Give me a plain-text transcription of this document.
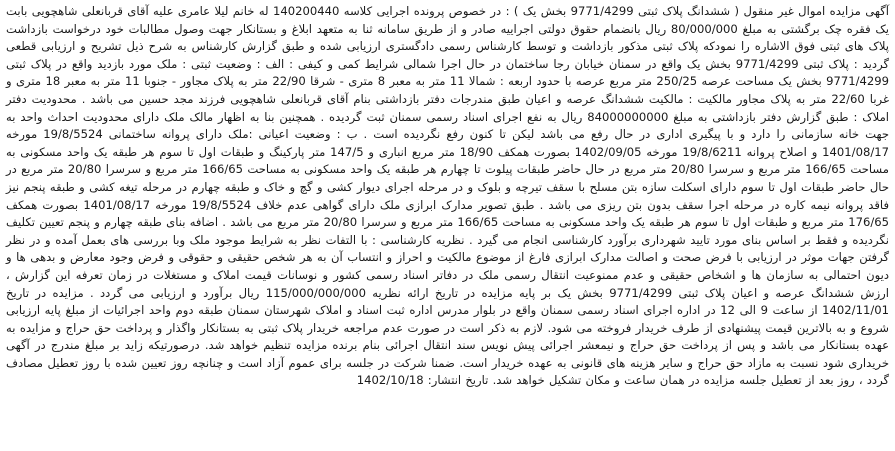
آگهی مزایده اموال غیر منقول ( ششدانگ پلاک ثبتی 9771/4299 بخش یک ) : در خصوص پرونده اجرایی کلاسه 140200440 له خانم لیلا عامری علیه آقای قربانعلی شاهچویی بابت یک فقره چک برگشتی به مبلغ 80/000/000 ریال بانضمام حقوق دولتی اجراییه صادر و از طریق سامانه ثنا به متعهد ابلاغ و بستانکار جهت وصول مطالبات خود درخواست بازداشت پلاک های ثبتی فوق الاشاره را نمودکه پلاک ثبتی مذکور بازداشت و توسط کارشناس رسمی دادگستری ارزیابی شده و طبق گزارش کارشناس به شرح ذیل تشریح و ارزیابی قطعی گردید : پلاک ثبتی 9771/4299 بخش یک واقع در سمنان خیابان رجا ساختمان در حال اجرا شمالی شرایط کمی و کیفی : الف : وضعیت ثبتی : ملک مورد بازدید واقع در پلاک ثبتی 9771/4299 بخش یک مساحت عرصه 250/25 متر مربع عرصه با حدود اربعه : شمالا 11 متر به معبر 8 متری - شرقا 22/90 متر به پلاک مجاور - جنوبا 11 متر به معبر 18 متری و غربا 22/60 متر به پلاک مجاور مالکیت : مالکیت ششدانگ عرصه و اعیان طبق مندرجات دفتر بازداشتی بنام آقای قربانعلی شاهچویی فرزند مجد حسین می باشد . محدودیت دفتر املاک : طبق گزارش دفتر بازداشتی به مبلغ 84000000000 ریال به نفع اجرای اسناد رسمی سمنان ثبت گردیده . همچنین بنا به اظهار مالک ملک دارای محدودیت احداث واحد به جهت خانه سازمانی را دارد و با پیگیری اداری در حال رفع می باشد لیکن تا کنون رفع نگردیده است . ب : وضعیت اعیانی :ملک دارای پروانه ساختمانی 19/8/5524 مورخه 1401/08/17 و اصلاح پروانه 19/8/6211 مورخه 1402/09/05 بصورت همکف 18/90 متر مربع انباری و 147/5 متر پارکینگ و طبقات اول تا سوم هر طبقه یک واحد مسکونی به مساحت 166/65 متر مربع و سرسرا 20/80 متر مربع در حال حاضر طبقات پیلوت تا چهارم هر طبقه یک واحد مسکونی به مساحت 166/65 متر مربع و سرسرا 20/80 متر مربع در حال حاضر طبقات اول تا سوم دارای اسکلت سازه بتن مسلح با سقف تیرچه و بلوک و در مرحله اجرای دیوار کشی و گچ و خاک و طبقه چهارم در مرحله تیغه کشی و طبقه پنجم نیز فاقد پروانه نیمه کاره در مرحله اجرا سقف بدون بتن ریزی می باشد . طبق تصویر مدارک ابرازی ملک دارای گواهی عدم خلاف 19/8/5524 مورخه 1401/08/17 بصورت همکف 176/65 متر مربع و طبقات اول تا سوم هر طبقه یک واحد مسکونی به مساحت 166/65 متر مربع و سرسرا 20/80 متر مربع می باشد . اضافه بنای طبقه چهارم و پنجم تعیین تکلیف نگردیده و فقط بر اساس بنای مورد تایید شهرداری برآورد کارشناسی انجام می گیرد . نظریه کارشناسی : با التفات نظر به شرایط موجود ملک وبا بررسی های بعمل آمده و در نظر گرفتن جهات موثر در ارزیابی با فرض صحت و اصالت مدارک ابرازی فارغ از موضوع مالکیت و احراز و انتساب آن به هر شخص حقیقی و حقوقی و فرض وجود معارض و بدهی ها و دیون احتمالی به سازمان ها و اشخاص حقیقی و عدم ممنوعیت انتقال رسمی ملک در دفاتر اسناد رسمی کشور و نوسانات قیمت املاک و مستغلات در زمان تعرفه این گزارش ، ارزش ششدانگ عرصه و اعیان پلاک ثبتی 9771/4299 بخش یک بر پایه مزایده در تاریخ ارائه نظریه 115/000/000/000 ریال برآورد و ارزیابی می گردد . مزایده در تاریخ 1402/11/01 از ساعت 9 الی 12 در اداره اجرای اسناد رسمی سمنان واقع در بلوار مدرس اداره ثبت اسناد و املاک شهرستان سمنان طبقه دوم واحد اجرائیات از مبلغ پایه ارزیابی شروع و به بالاترین قیمت پیشنهادی از طرف خریدار فروخته می شود. لازم به ذکر است در صورت عدم مراجعه خریدار پلاک ثبتی به بستانکار واگذار و پرداخت حق حراج و مزایده به عهده بستانکار می باشد و پس از پرداخت حق حراج و نیمعشر اجرائی پیش نویس سند انتقال اجرائی بنام برنده مزایده تنظیم خواهد شد. درصورتیکه زاید بر مبلغ مندرج در آگهی خریداری شود نسبت به مازاد حق حراج و سایر هزینه های قانونی به عهده خریدار است. ضمنا شرکت در جلسه برای عموم آزاد است و چنانچه روز تعیین شده با روز تعطیل مصادف گردد ، روز بعد از تعطیل جلسه مزایده در همان ساعت و مکان تشکیل خواهد شد. تاریخ انتشار: 1402/10/18
